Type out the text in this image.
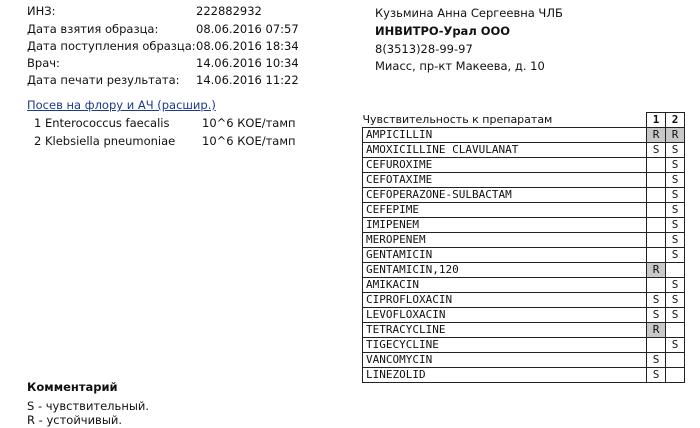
ИНЗ:	222882932
Дата взятия образца:	08.06.2016 07:57
Дата поступления образца: 08.06.2016 18:34
Врач:	14.06.2016 10:34
Дата печати результата: 14.06.2016 11:22
Кузьмина Анна Сергеевна ЧЛБ
ИНВИТРО-Урал ООО
8(3513)28-99-97
Миасс, пр-кт Макеева, д. 10
Посев на флору и АЧ (расшир.)
1 Enterococcus faecalis	10^6 КОЕ/тамп
2 Klebsiella pneumoniae 10^6 КОЕ/тамп
Чувствительность к препаратам	1	2
AMPICILLIN	R	R
AMOXICILLINE CLAVULANAT	S	S
CEFUROXIME		S
CEFOTAXIME		S
CEFOPERAZONE-SULBACTAM		S
CEFEPIME		S
IMIPENEM		S
MEROPENEM		S
GENTAMICIN		S
GENTAMICIN,120	R	
AMIKACIN		S
CIPROFLOXACIN	S	S
LEVOFLOXACIN	S	S
TETRACYCLINE	R	
TIGECYCLINE		S
VANCOMYCIN	S	
LINEZOLID	S	
Комментарий
S - чувствительный.
R - устойчивый.
